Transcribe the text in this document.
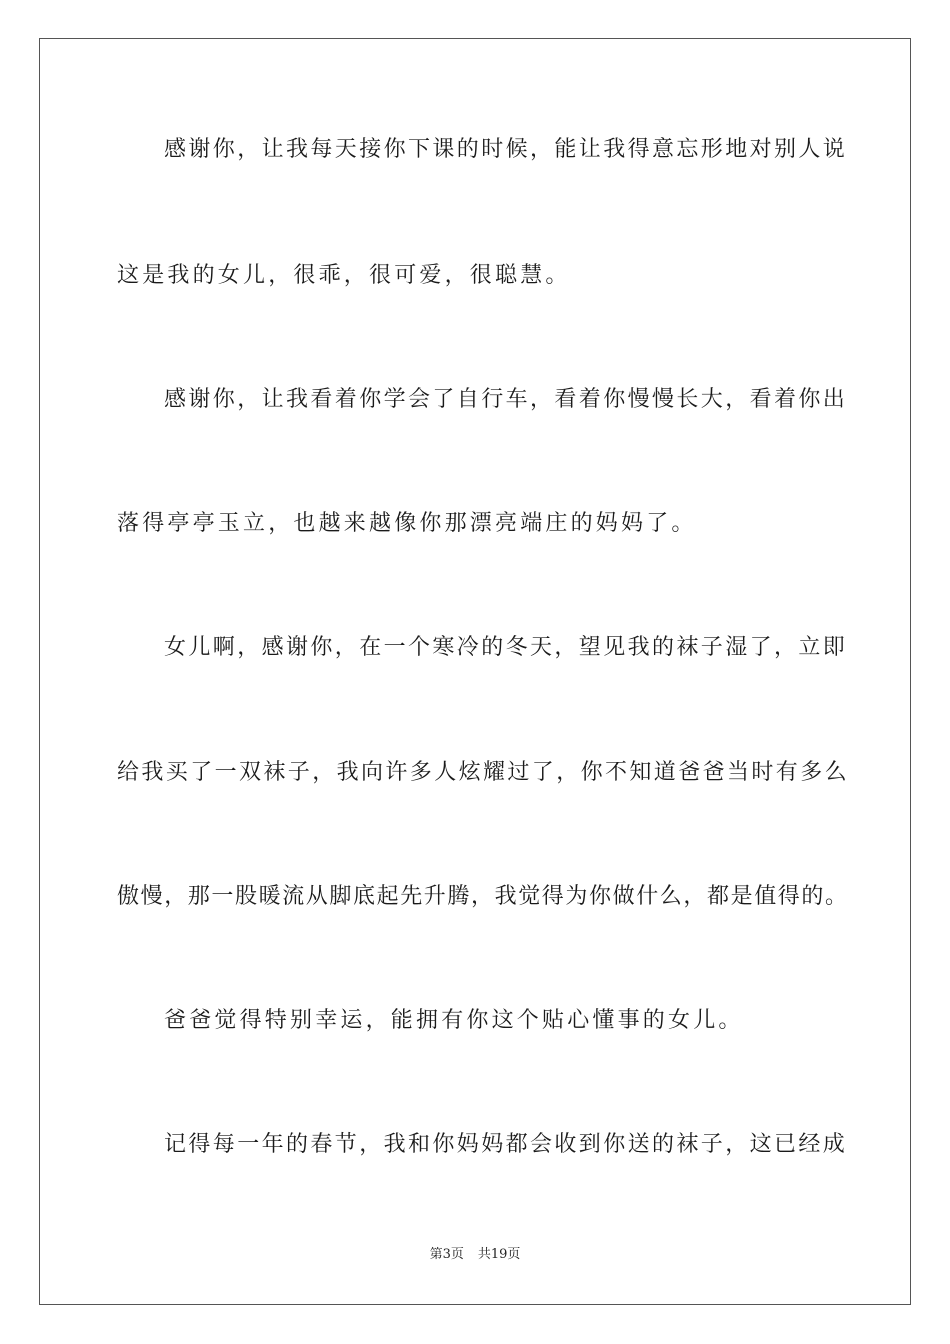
感谢你，让我每天接你下课的时候，能让我得意忘形地对别人说
这是我的女儿，很乖，很可爱，很聪慧。
感谢你，让我看着你学会了自行车，看着你慢慢长大，看着你出
落得亭亭玉立，也越来越像你那漂亮端庄的妈妈了。
女儿啊，感谢你，在一个寒冷的冬天，望见我的袜子湿了，立即
给我买了一双袜子，我向许多人炫耀过了，你不知道爸爸当时有多么
傲慢，那一股暖流从脚底起先升腾，我觉得为你做什么，都是值得的。
爸爸觉得特别幸运，能拥有你这个贴心懂事的女儿。
记得每一年的春节，我和你妈妈都会收到你送的袜子，这已经成
第3页 共19页
